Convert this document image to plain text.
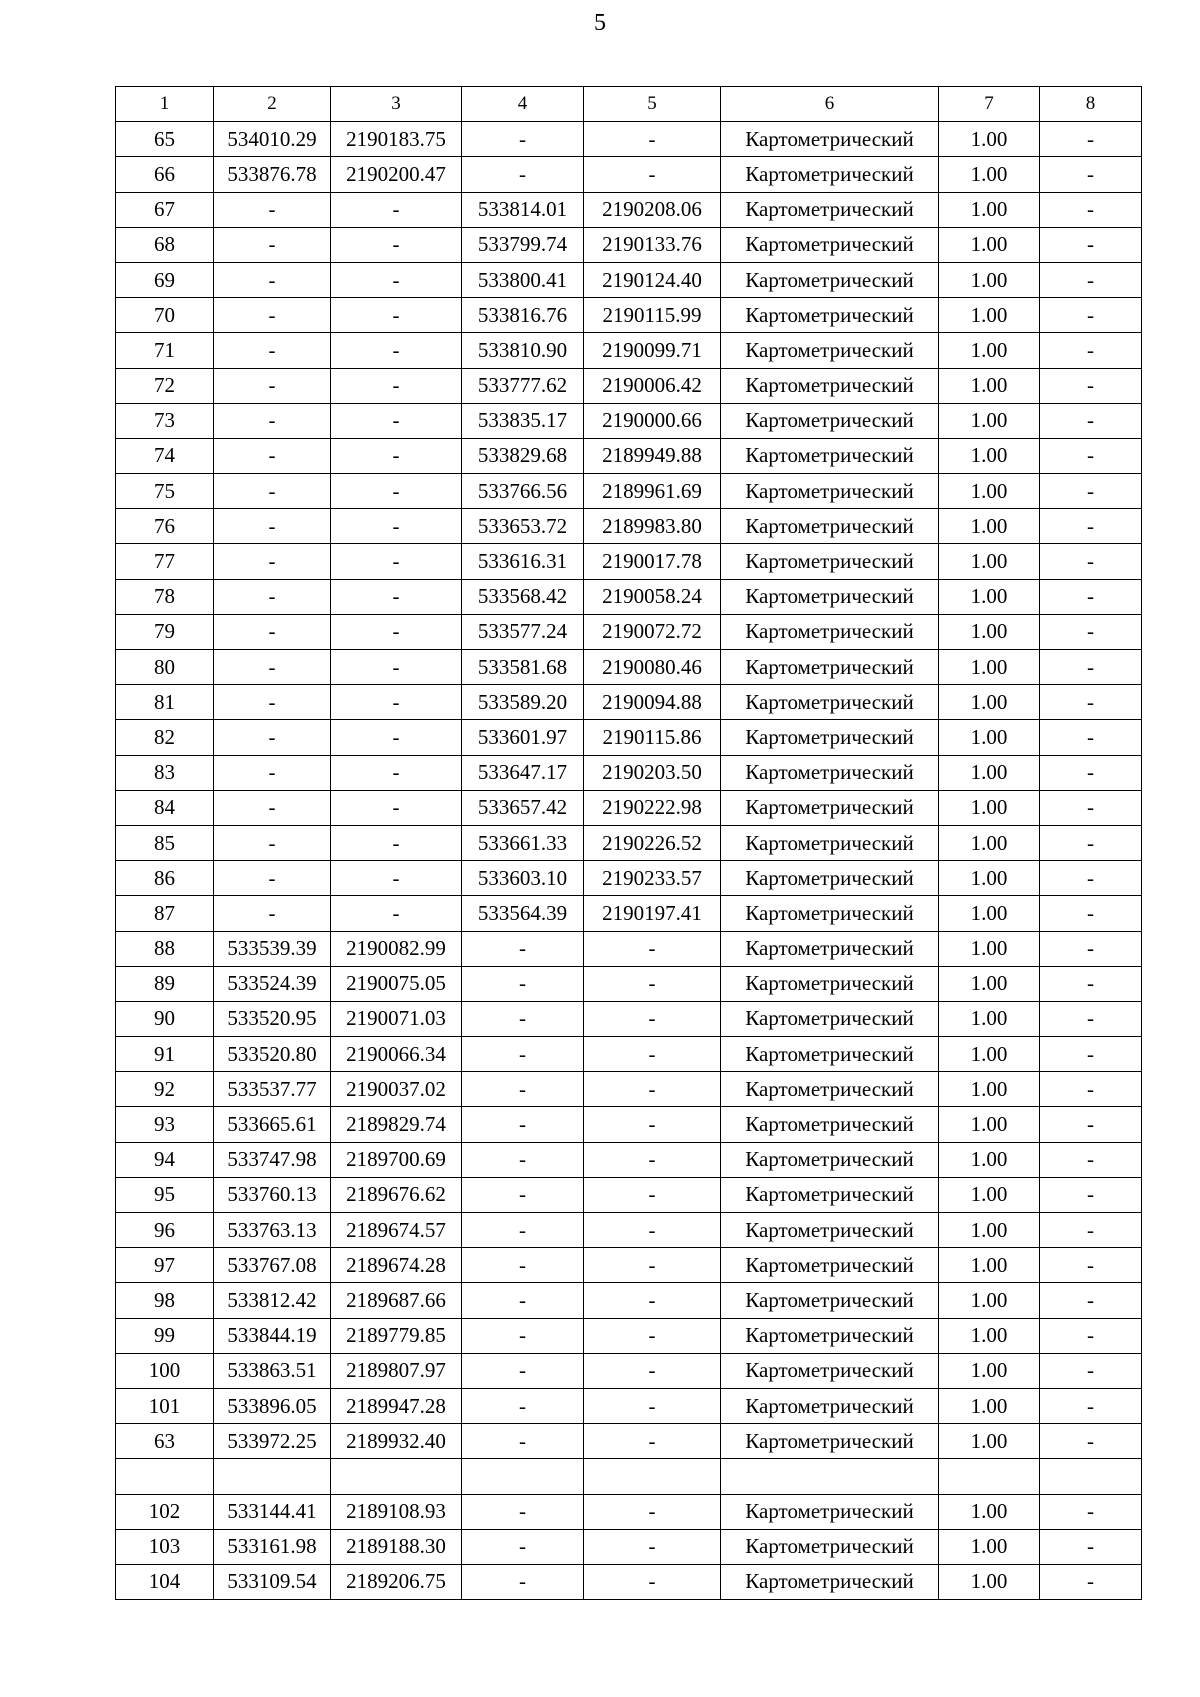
5
1	2	3	4	5	6	7	8
65	534010.29	2190183.75	-	-	Картометрический	1.00	-
66	533876.78	2190200.47	-	-	Картометрический	1.00	-
67	-	-	533814.01	2190208.06	Картометрический	1.00	-
68	-	-	533799.74	2190133.76	Картометрический	1.00	-
69	-	-	533800.41	2190124.40	Картометрический	1.00	-
70	-	-	533816.76	2190115.99	Картометрический	1.00	-
71	-	-	533810.90	2190099.71	Картометрический	1.00	-
72	-	-	533777.62	2190006.42	Картометрический	1.00	-
73	-	-	533835.17	2190000.66	Картометрический	1.00	-
74	-	-	533829.68	2189949.88	Картометрический	1.00	-
75	-	-	533766.56	2189961.69	Картометрический	1.00	-
76	-	-	533653.72	2189983.80	Картометрический	1.00	-
77	-	-	533616.31	2190017.78	Картометрический	1.00	-
78	-	-	533568.42	2190058.24	Картометрический	1.00	-
79	-	-	533577.24	2190072.72	Картометрический	1.00	-
80	-	-	533581.68	2190080.46	Картометрический	1.00	-
81	-	-	533589.20	2190094.88	Картометрический	1.00	-
82	-	-	533601.97	2190115.86	Картометрический	1.00	-
83	-	-	533647.17	2190203.50	Картометрический	1.00	-
84	-	-	533657.42	2190222.98	Картометрический	1.00	-
85	-	-	533661.33	2190226.52	Картометрический	1.00	-
86	-	-	533603.10	2190233.57	Картометрический	1.00	-
87	-	-	533564.39	2190197.41	Картометрический	1.00	-
88	533539.39	2190082.99	-	-	Картометрический	1.00	-
89	533524.39	2190075.05	-	-	Картометрический	1.00	-
90	533520.95	2190071.03	-	-	Картометрический	1.00	-
91	533520.80	2190066.34	-	-	Картометрический	1.00	-
92	533537.77	2190037.02	-	-	Картометрический	1.00	-
93	533665.61	2189829.74	-	-	Картометрический	1.00	-
94	533747.98	2189700.69	-	-	Картометрический	1.00	-
95	533760.13	2189676.62	-	-	Картометрический	1.00	-
96	533763.13	2189674.57	-	-	Картометрический	1.00	-
97	533767.08	2189674.28	-	-	Картометрический	1.00	-
98	533812.42	2189687.66	-	-	Картометрический	1.00	-
99	533844.19	2189779.85	-	-	Картометрический	1.00	-
100	533863.51	2189807.97	-	-	Картометрический	1.00	-
101	533896.05	2189947.28	-	-	Картометрический	1.00	-
63	533972.25	2189932.40	-	-	Картометрический	1.00	-

102	533144.41	2189108.93	-	-	Картометрический	1.00	-
103	533161.98	2189188.30	-	-	Картометрический	1.00	-
104	533109.54	2189206.75	-	-	Картометрический	1.00	-
